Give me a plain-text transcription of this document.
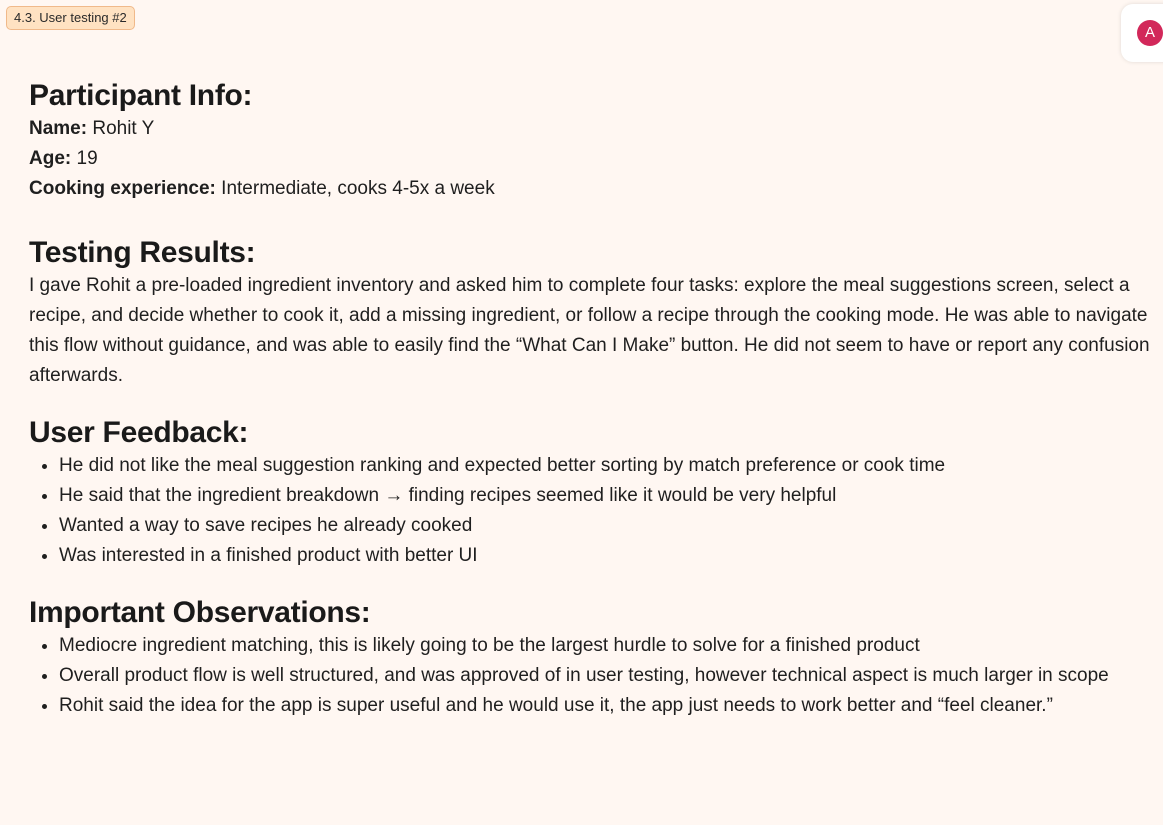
4.3. User testing #2
A
Participant Info:
Name: Rohit Y
Age: 19
Cooking experience: Intermediate, cooks 4-5x a week
Testing Results:

I gave Rohit a pre-loaded ingredient inventory and asked him to complete four tasks: explore the meal suggestions screen, select a recipe, and decide whether to cook it, add a missing ingredient, or follow a recipe through the cooking mode. He was able to navigate this flow without guidance, and was able to easily find the “What Can I Make” button. He did not seem to have or report any confusion afterwards.

User Feedback:
• He did not like the meal suggestion ranking and expected better sorting by match preference or cook time
• He said that the ingredient breakdown → finding recipes seemed like it would be very helpful
• Wanted a way to save recipes he already cooked
• Was interested in a finished product with better UI
Important Observations:
• Mediocre ingredient matching, this is likely going to be the largest hurdle to solve for a finished product
• Overall product flow is well structured, and was approved of in user testing, however technical aspect is much larger in scope
• Rohit said the idea for the app is super useful and he would use it, the app just needs to work better and “feel cleaner.”
